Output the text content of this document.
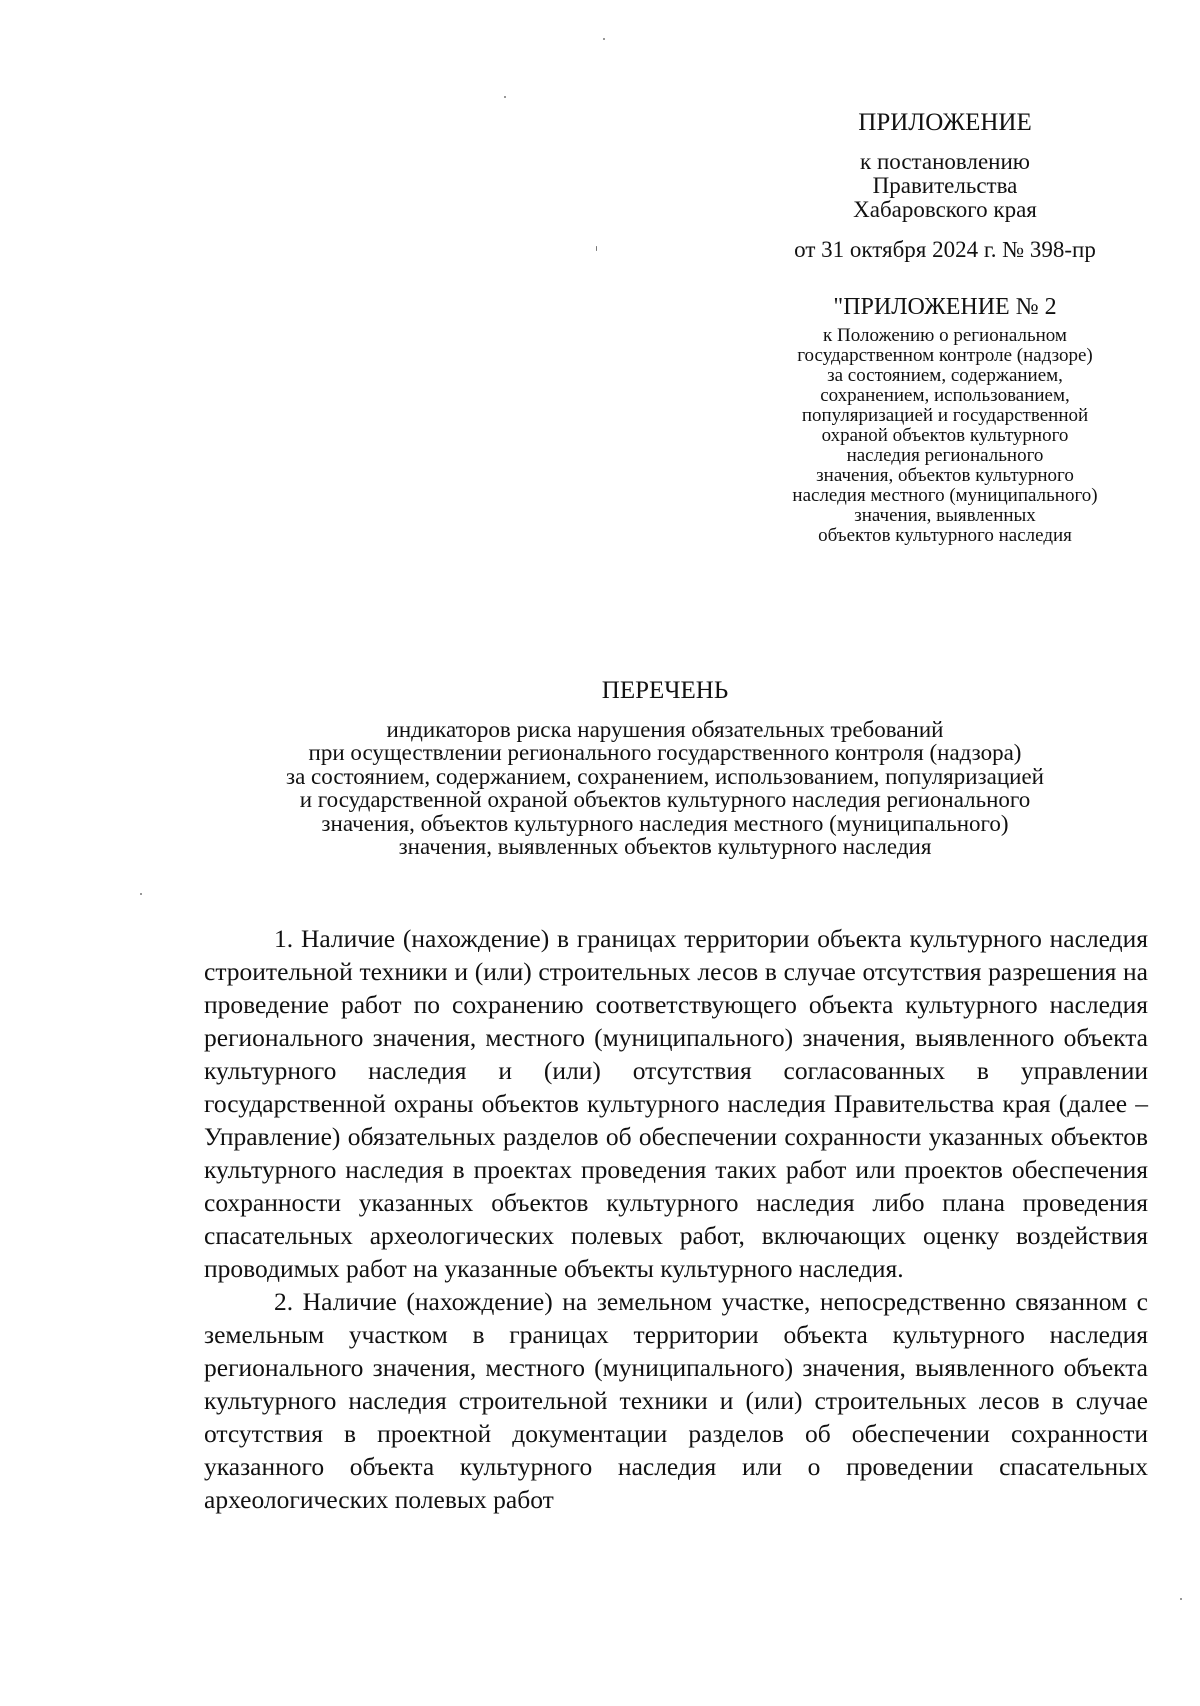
ПРИЛОЖЕНИЕ
к постановлению
Правительства
Хабаровского края
от 31 октября 2024 г. № 398-пр
"ПРИЛОЖЕНИЕ № 2
к Положению о региональном
государственном контроле (надзоре)
за состоянием, содержанием,
сохранением, использованием,
популяризацией и государственной
охраной объектов культурного
наследия регионального
значения, объектов культурного
наследия местного (муниципального)
значения, выявленных
объектов культурного наследия
ПЕРЕЧЕНЬ
индикаторов риска нарушения обязательных требований
при осуществлении регионального государственного контроля (надзора)
за состоянием, содержанием, сохранением, использованием, популяризацией
и государственной охраной объектов культурного наследия регионального
значения, объектов культурного наследия местного (муниципального)
значения, выявленных объектов культурного наследия

1. Наличие (нахождение) в границах территории объекта культурного наследия строительной техники и (или) строительных лесов в случае отсутствия разрешения на проведение работ по сохранению соответствующего объекта культурного наследия регионального значения, местного (муниципального) значения, выявленного объекта культурного наследия и (или) отсутствия согласованных в управлении государственной охраны объектов культурного наследия Правительства края (далее – Управление) обязательных разделов об обеспечении сохранности указанных объектов культурного наследия в проектах проведения таких работ или проектов обеспечения сохранности указанных объектов культурного наследия либо плана проведения спасательных археологических полевых работ, включающих оценку воздействия проводимых работ на указанные объекты культурного наследия.

2. Наличие (нахождение) на земельном участке, непосредственно связанном с земельным участком в границах территории объекта культурного наследия регионального значения, местного (муниципального) значения, выявленного объекта культурного наследия строительной техники и (или) строительных лесов в случае отсутствия в проектной документации разделов об обеспечении сохранности указанного объекта культурного наследия или о проведении спасательных археологических полевых работ
